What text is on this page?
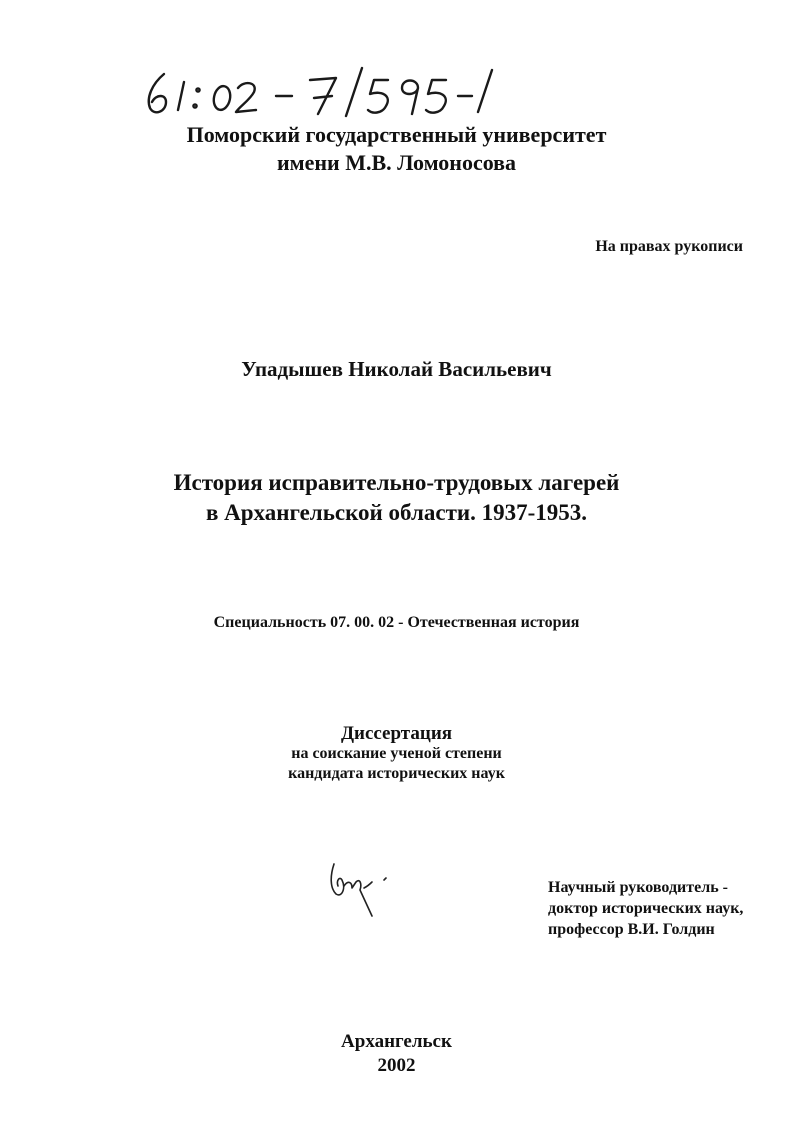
Поморский государственный университет
имени М.В. Ломоносова
На правах рукописи
Упадышев Николай Васильевич
История исправительно-трудовых лагерей
в Архангельской области. 1937-1953.
Специальность 07. 00. 02 - Отечественная история
Диссертация
на соискание ученой степени
кандидата исторических наук
Научный руководитель -
доктор исторических наук,
профессор В.И. Голдин
Архангельск
2002
